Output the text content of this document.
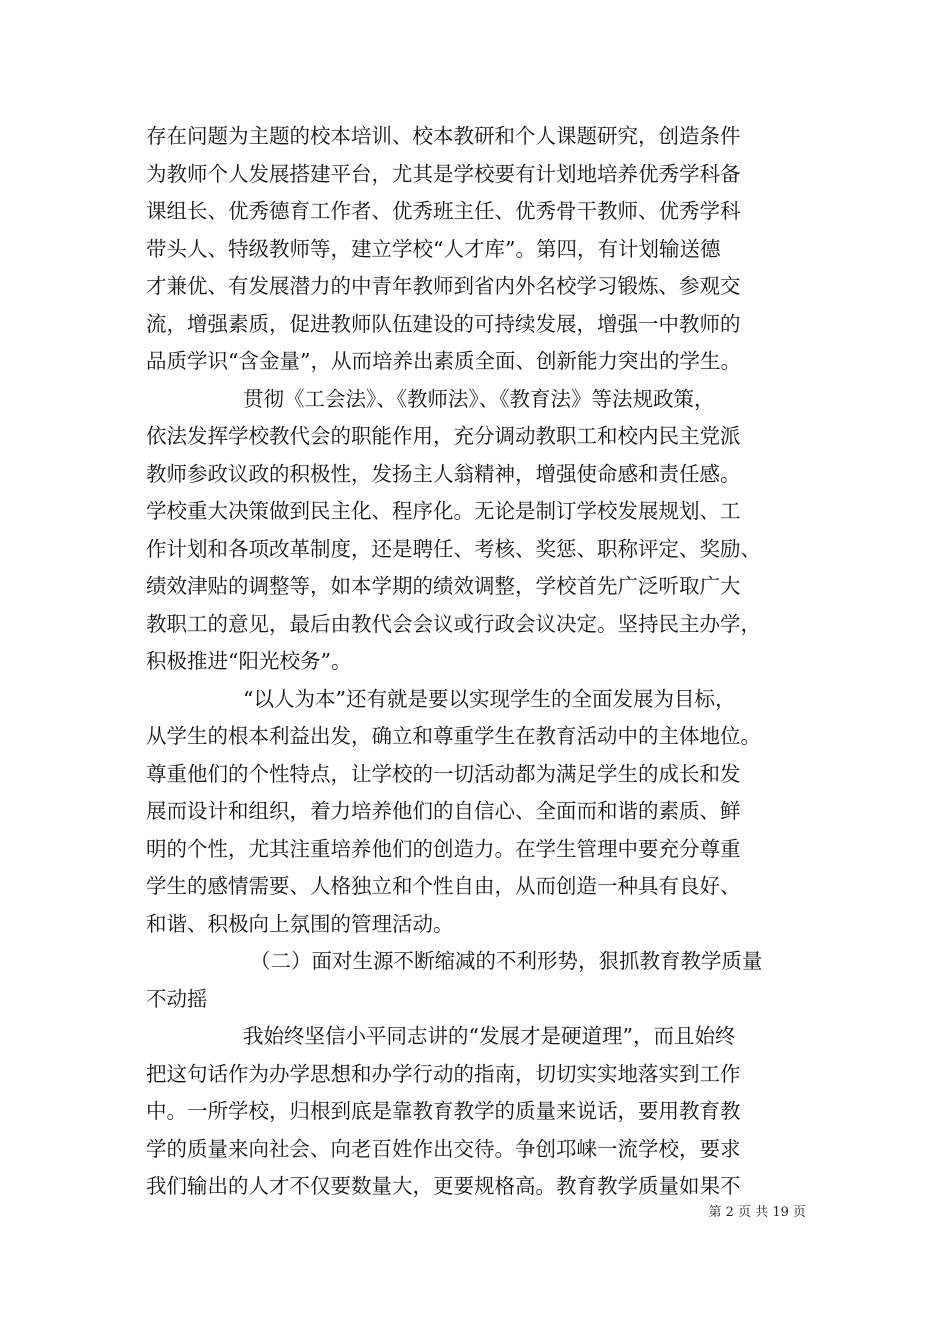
存在问题为主题的校本培训、校本教研和个人课题研究，创造条件
为教师个人发展搭建平台，尤其是学校要有计划地培养优秀学科备
课组长、优秀德育工作者、优秀班主任、优秀骨干教师、优秀学科
带头人、特级教师等，建立学校“人才库”。第四，有计划输送德
才兼优、有发展潜力的中青年教师到省内外名校学习锻炼、参观交
流，增强素质，促进教师队伍建设的可持续发展，增强一中教师的
品质学识“含金量”，从而培养出素质全面、创新能力突出的学生。
贯彻《工会法》、《教师法》、《教育法》等法规政策，
依法发挥学校教代会的职能作用，充分调动教职工和校内民主党派
教师参政议政的积极性，发扬主人翁精神，增强使命感和责任感。
学校重大决策做到民主化、程序化。无论是制订学校发展规划、工
作计划和各项改革制度，还是聘任、考核、奖惩、职称评定、奖励、
绩效津贴的调整等，如本学期的绩效调整，学校首先广泛听取广大
教职工的意见，最后由教代会会议或行政会议决定。坚持民主办学，
积极推进“阳光校务”。
“以人为本”还有就是要以实现学生的全面发展为目标，
从学生的根本利益出发，确立和尊重学生在教育活动中的主体地位。
尊重他们的个性特点，让学校的一切活动都为满足学生的成长和发
展而设计和组织，着力培养他们的自信心、全面而和谐的素质、鲜
明的个性，尤其注重培养他们的创造力。在学生管理中要充分尊重
学生的感情需要、人格独立和个性自由，从而创造一种具有良好、
和谐、积极向上氛围的管理活动。
（二）面对生源不断缩减的不利形势，狠抓教育教学质量
不动摇
我始终坚信小平同志讲的“发展才是硬道理”，而且始终
把这句话作为办学思想和办学行动的指南，切切实实地落实到工作
中。一所学校，归根到底是靠教育教学的质量来说话，要用教育教
学的质量来向社会、向老百姓作出交待。争创邛崃一流学校，要求
我们输出的人才不仅要数量大，更要规格高。教育教学质量如果不
第 2 页 共 19 页
